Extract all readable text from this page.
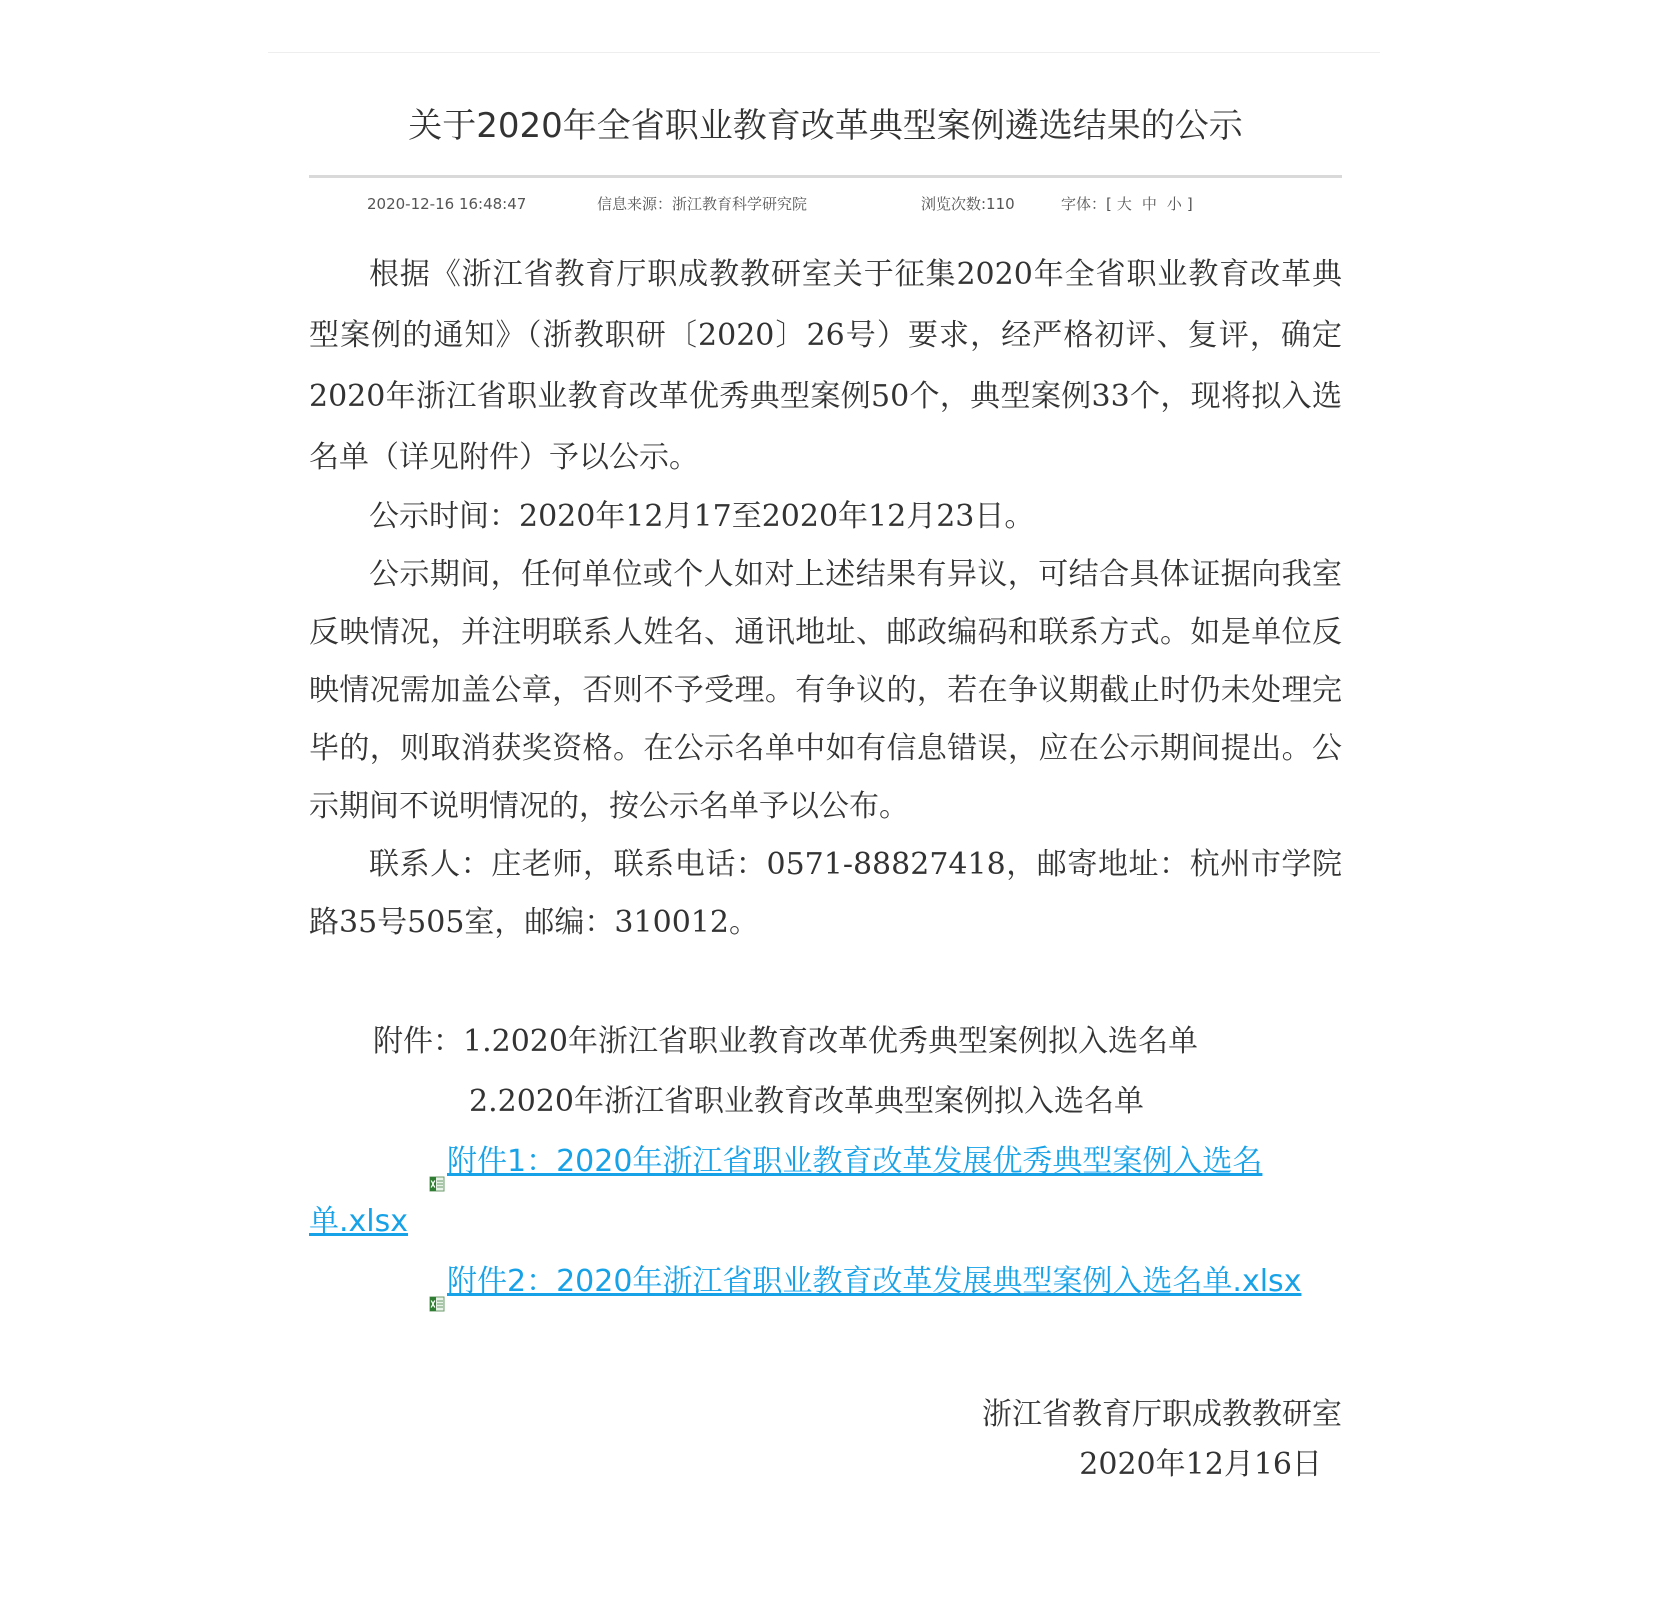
关于2020年全省职业教育改革典型案例遴选结果的公示
2020-12-16 16:48:47	信息来源：浙江教育科学研究院	浏览次数:110	字体：[ 大 中 小 ]

根据《浙江省教育厅职成教教研室关于征集2020年全省职业教育改革典型案例的通知》（浙教职研〔2020〕26号）要求，经严格初评、复评，确定2020年浙江省职业教育改革优秀典型案例50个，典型案例33个，现将拟入选名单（详见附件）予以公示。

公示时间：2020年12月17至2020年12月23日。

公示期间，任何单位或个人如对上述结果有异议，可结合具体证据向我室反映情况，并注明联系人姓名、通讯地址、邮政编码和联系方式。如是单位反映情况需加盖公章，否则不予受理。有争议的，若在争议期截止时仍未处理完毕的，则取消获奖资格。在公示名单中如有信息错误，应在公示期间提出。公示期间不说明情况的，按公示名单予以公布。

联系人：庄老师，联系电话：0571-88827418，邮寄地址：杭州市学院路35号505室，邮编：310012。

附件：1.2020年浙江省职业教育改革优秀典型案例拟入选名单

2.2020年浙江省职业教育改革典型案例拟入选名单

附件1：2020年浙江省职业教育改革发展优秀典型案例入选名单.xlsx

附件2：2020年浙江省职业教育改革发展典型案例入选名单.xlsx

浙江省教育厅职成教教研室
2020年12月16日
